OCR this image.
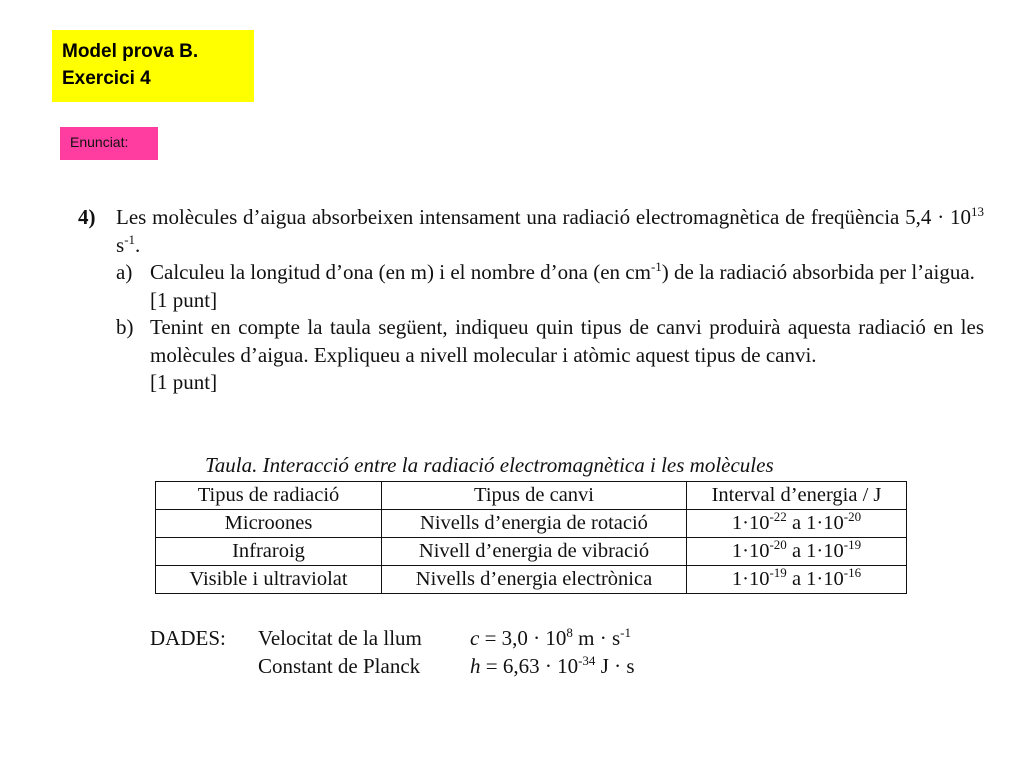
Model prova B.
Exercici 4
Enunciat:
4) Les molècules d’aigua absorbeixen intensament una radiació electromagnètica de freqüència $5,4 \cdot 10^{13}$ $s^{-1}$.
a) Calculeu la longitud d’ona (en m) i el nombre d’ona (en $cm^{-1}$) de la radiació absorbida per l’aigua.
[1 punt]
b) Tenint en compte la taula següent, indiqueu quin tipus de canvi produirà aquesta radiació en les molècules d’aigua. Expliqueu a nivell molecular i atòmic aquest tipus de canvi.
[1 punt]
Taula. Interacció entre la radiació electromagnètica i les molècules
Tipus de radiació	Tipus de canvi	Interval d’energia / J
Microones	Nivells d’energia de rotació	$1\cdot 10^{-22}$ a $1\cdot 10^{-20}$
Infraroig	Nivell d’energia de vibració	$1\cdot 10^{-20}$ a $1\cdot 10^{-19}$
Visible i ultraviolat	Nivells d’energia electrònica	$1\cdot 10^{-19}$ a $1\cdot 10^{-16}$
DADES: Velocitat de la llum $c = 3,0 \cdot 10^8$ $m \cdot s^{-1}$
Constant de Planck $h = 6,63 \cdot 10^{-34}$ J · s
